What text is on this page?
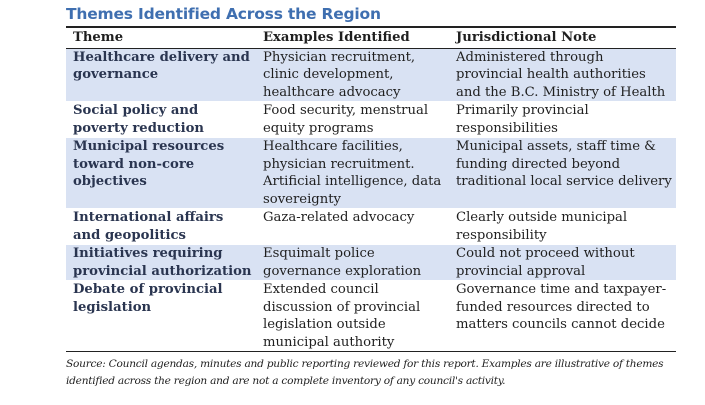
Themes Identified Across the Region
Theme	Examples Identified	Jurisdictional Note
Healthcare delivery and governance	Physician recruitment, clinic development, healthcare advocacy	Administered through provincial health authorities and the B.C. Ministry of Health
Social policy and poverty reduction	Food security, menstrual equity programs	Primarily provincial responsibilities
Municipal resources toward non-core objectives	Healthcare facilities, physician recruitment. Artificial intelligence, data sovereignty	Municipal assets, staff time & funding directed beyond traditional local service delivery
International affairs and geopolitics	Gaza-related advocacy	Clearly outside municipal responsibility
Initiatives requiring provincial authorization	Esquimalt police governance exploration	Could not proceed without provincial approval
Debate of provincial legislation	Extended council discussion of provincial legislation outside municipal authority	Governance time and taxpayer-funded resources directed to matters councils cannot decide
Source: Council agendas, minutes and public reporting reviewed for this report. Examples are illustrative of themes identified across the region and are not a complete inventory of any council's activity.
